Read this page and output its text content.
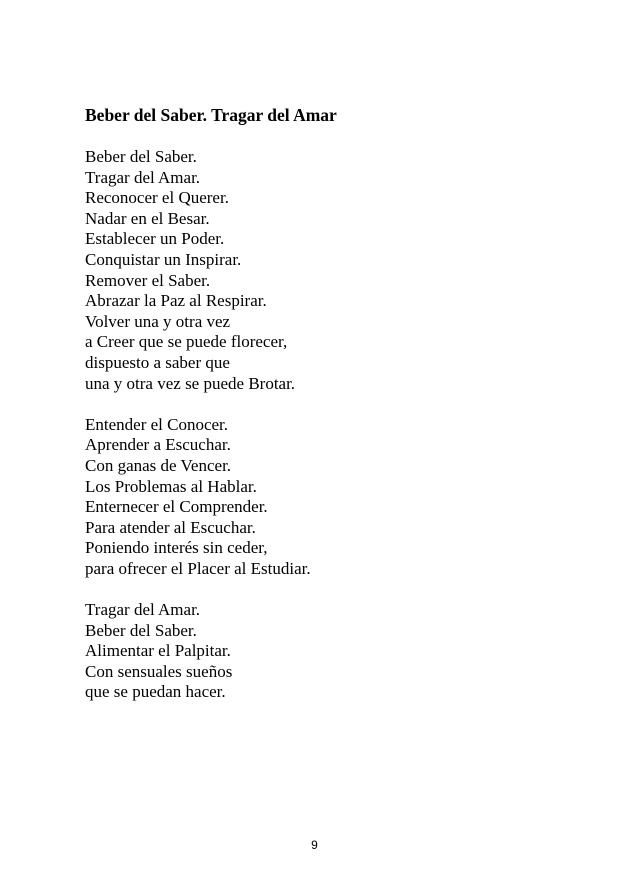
Beber del Saber. Tragar del Amar
Beber del Saber.
Tragar del Amar.
Reconocer el Querer.
Nadar en el Besar.
Establecer un Poder.
Conquistar un Inspirar.
Remover el Saber.
Abrazar la Paz al Respirar.
Volver una y otra vez
a Creer que se puede florecer,
dispuesto a saber que
una y otra vez se puede Brotar.
Entender el Conocer.
Aprender a Escuchar.
Con ganas de Vencer.
Los Problemas al Hablar.
Enternecer el Comprender.
Para atender al Escuchar.
Poniendo interés sin ceder,
para ofrecer el Placer al Estudiar.
Tragar del Amar.
Beber del Saber.
Alimentar el Palpitar.
Con sensuales sueños
que se puedan hacer.
9
